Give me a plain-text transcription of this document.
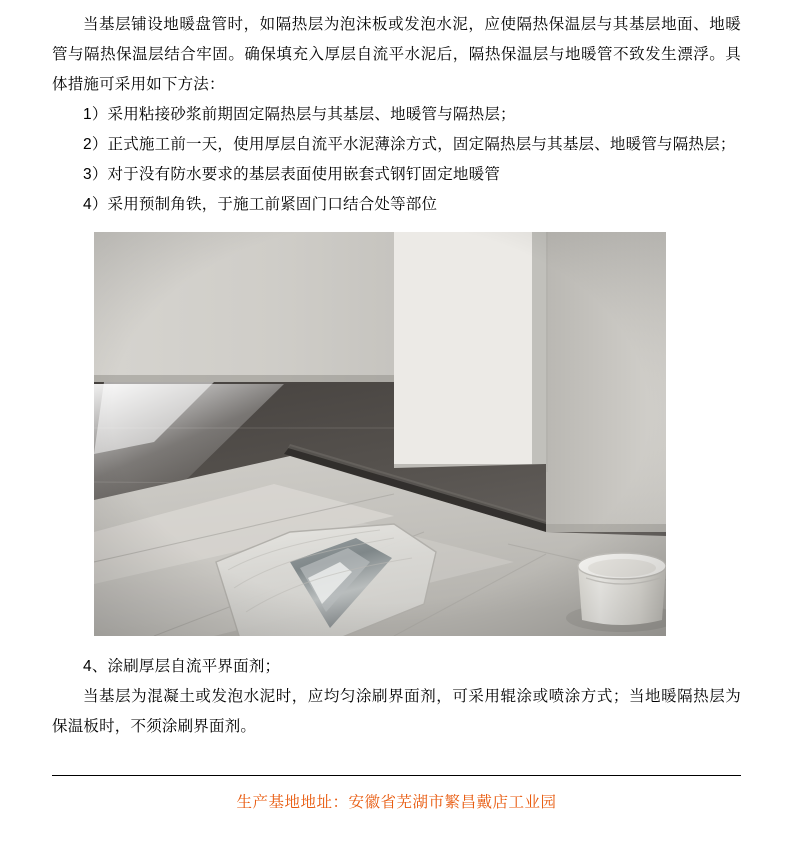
当基层铺设地暖盘管时，如隔热层为泡沫板或发泡水泥，应使隔热保温层与其基层地面、地暖管与隔热保温层结合牢固。确保填充入厚层自流平水泥后，隔热保温层与地暖管不致发生漂浮。具体措施可采用如下方法：

1）采用粘接砂浆前期固定隔热层与其基层、地暖管与隔热层；

2）正式施工前一天，使用厚层自流平水泥薄涂方式，固定隔热层与其基层、地暖管与隔热层；

3）对于没有防水要求的基层表面使用嵌套式钢钉固定地暖管

4）采用预制角铁，于施工前紧固门口结合处等部位

4、涂刷厚层自流平界面剂；

当基层为混凝土或发泡水泥时，应均匀涂刷界面剂，可采用辊涂或喷涂方式；当地暖隔热层为保温板时，不须涂刷界面剂。

生产基地地址：安徽省芜湖市繁昌戴店工业园
